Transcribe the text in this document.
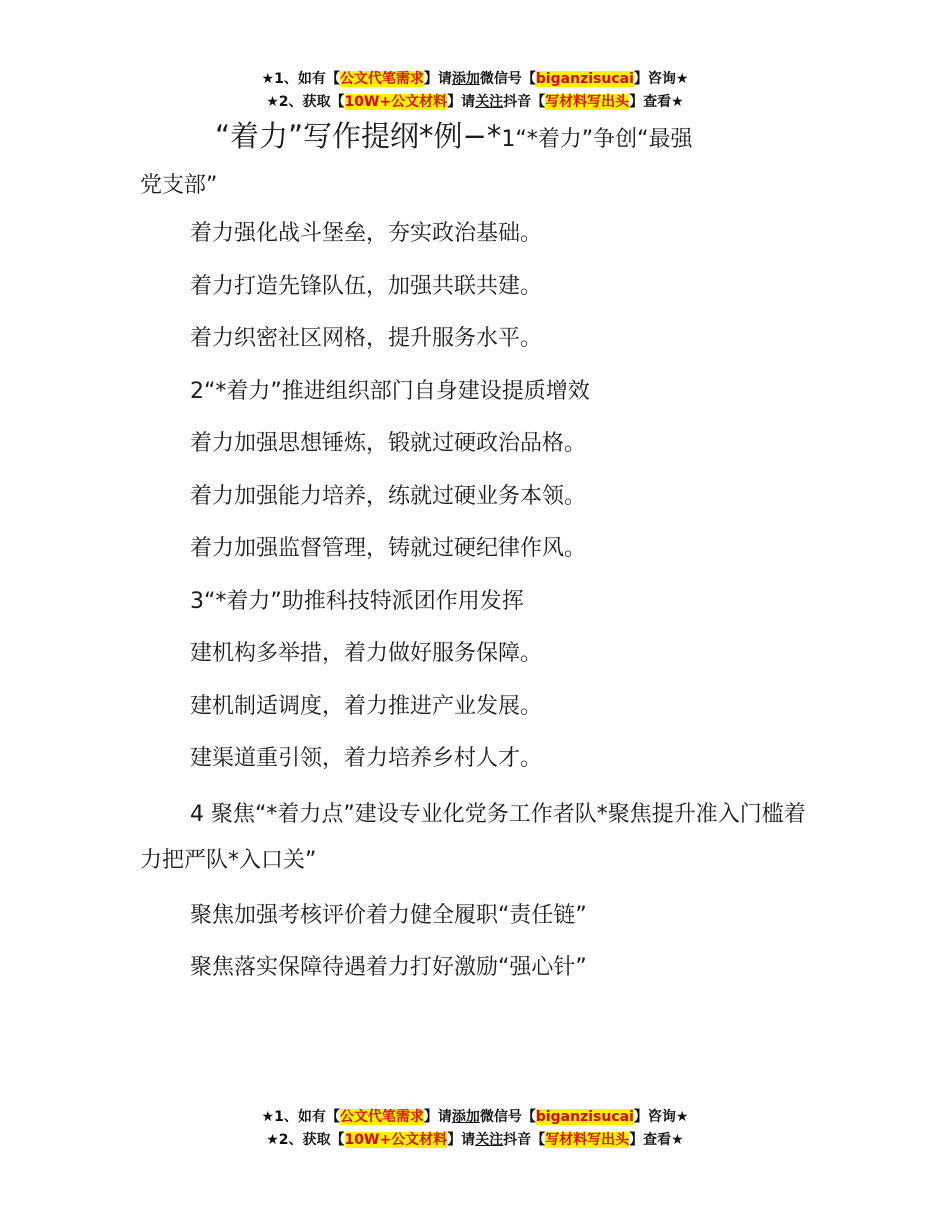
★1、如有【公文代笔需求】请添加微信号【biganzisucai】咨询★
★2、获取【10W+公文材料】请关注抖音【写材料写出头】查看★

“着力”写作提纲*例−*1“*着力”争创“最强

党支部”

着力强化战斗堡垒，夯实政治基础。

着力打造先锋队伍，加强共联共建。

着力织密社区网格，提升服务水平。

2“*着力”推进组织部门自身建设提质增效

着力加强思想锤炼，锻就过硬政治品格。

着力加强能力培养，练就过硬业务本领。

着力加强监督管理，铸就过硬纪律作风。

3“*着力”助推科技特派团作用发挥

建机构多举措，着力做好服务保障。

建机制适调度，着力推进产业发展。

建渠道重引领，着力培养乡村人才。

4 聚焦“*着力点”建设专业化党务工作者队*聚焦提升准入门槛着力把严队*入口关”

聚焦加强考核评价着力健全履职“责任链”

聚焦落实保障待遇着力打好激励“强心针”

★1、如有【公文代笔需求】请添加微信号【biganzisucai】咨询★
★2、获取【10W+公文材料】请关注抖音【写材料写出头】查看★
